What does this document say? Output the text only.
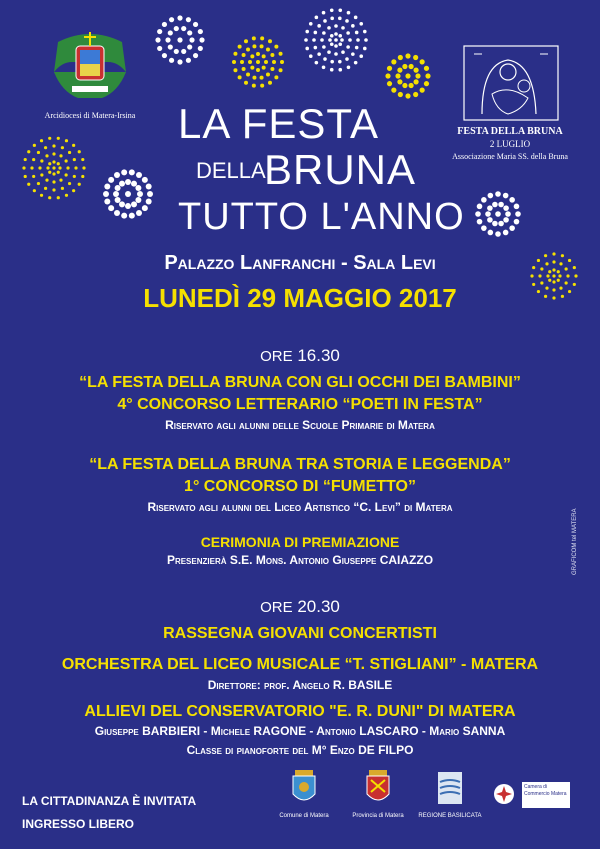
Arcidiocesi di Matera-Irsina	LA FESTA
DELLA
BRUNA
TUTTO L'ANNO
FESTA DELLA BRUNA
2 LUGLIO
Associazione Maria SS. della Bruna
Palazzo Lanfranchi - Sala Levi
LUNEDÌ 29 MAGGIO 2017
ORE 16.30
“LA FESTA DELLA BRUNA CON GLI OCCHI DEI BAMBINI”
4° CONCORSO LETTERARIO “POETI IN FESTA”
Riservato agli alunni delle Scuole Primarie di Matera
“LA FESTA DELLA BRUNA TRA STORIA E LEGGENDA”
1° CONCORSO DI “FUMETTO”
Riservato agli alunni del Liceo Artistico “C. Levi” di Matera
CERIMONIA DI PREMIAZIONE
Presenzierà S.E. Mons. Antonio Giuseppe CAIAZZO
ORE 20.30
RASSEGNA GIOVANI CONCERTISTI
ORCHESTRA DEL LICEO MUSICALE “T. STIGLIANI” - MATERA
Direttore: prof. Angelo R. BASILE
ALLIEVI DEL CONSERVATORIO "E. R. DUNI" DI MATERA
Giuseppe BARBIERI - Michele RAGONE - Antonio LASCARO - Mario SANNA
Classe di pianoforte del M° Enzo DE FILPO
GRAFICOM tel MATERA
LA CITTADINANZA È INVITATA
INGRESSO LIBERO
Comune di Matera	Provincia di Matera	REGIONE BASILICATA
Camera di Commercio Matera
